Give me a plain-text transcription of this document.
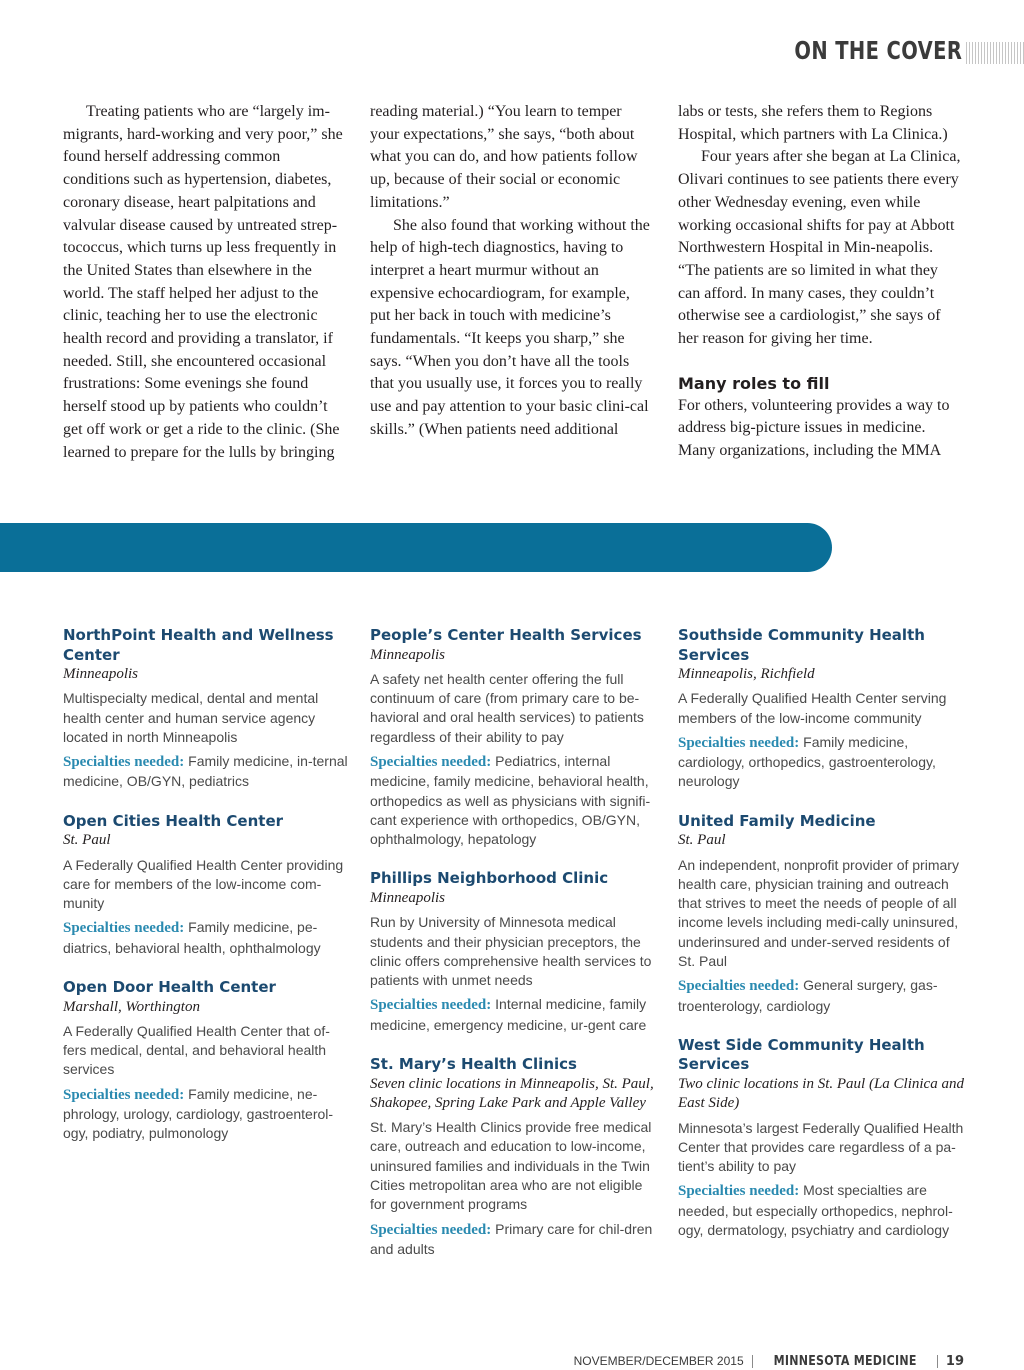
ON THE COVER

Treating patients who are “largely im-migrants, hard-working and very poor,” she found herself addressing common conditions such as hypertension, diabetes, coronary disease, heart palpitations and valvular disease caused by untreated strep-tococcus, which turns up less frequently in the United States than elsewhere in the world. The staff helped her adjust to the clinic, teaching her to use the electronic health record and providing a translator, if needed. Still, she encountered occasional frustrations: Some evenings she found herself stood up by patients who couldn’t get off work or get a ride to the clinic. (She learned to prepare for the lulls by bringing

reading material.) “You learn to temper your expectations,” she says, “both about what you can do, and how patients follow up, because of their social or economic limitations.”

She also found that working without the help of high-tech diagnostics, having to interpret a heart murmur without an expensive echocardiogram, for example, put her back in touch with medicine’s fundamentals. “It keeps you sharp,” she says. “When you don’t have all the tools that you usually use, it forces you to really use and pay attention to your basic clini-cal skills.” (When patients need additional

labs or tests, she refers them to Regions Hospital, which partners with La Clinica.)

Four years after she began at La Clinica, Olivari continues to see patients there every other Wednesday evening, even while working occasional shifts for pay at Abbott Northwestern Hospital in Min-neapolis. “The patients are so limited in what they can afford. In many cases, they couldn’t otherwise see a cardiologist,” she says of her reason for giving her time.

Many roles to fill

For others, volunteering provides a way to address big-picture issues in medicine. Many organizations, including the MMA

NorthPoint Health and Wellness Center
Minneapolis
Multispecialty medical, dental and mental health center and human service agency located in north Minneapolis
Specialties needed: Family medicine, in-ternal medicine, OB/GYN, pediatrics
Open Cities Health Center
St. Paul
A Federally Qualified Health Center providing care for members of the low-income com-munity
Specialties needed: Family medicine, pe-diatrics, behavioral health, ophthalmology
Open Door Health Center
Marshall, Worthington
A Federally Qualified Health Center that of-fers medical, dental, and behavioral health services
Specialties needed: Family medicine, ne-phrology, urology, cardiology, gastroenterol-ogy, podiatry, pulmonology
People’s Center Health Services
Minneapolis
A safety net health center offering the full continuum of care (from primary care to be-havioral and oral health services) to patients regardless of their ability to pay
Specialties needed: Pediatrics, internal medicine, family medicine, behavioral health, orthopedics as well as physicians with signifi-cant experience with orthopedics, OB/GYN, ophthalmology, hepatology
Phillips Neighborhood Clinic
Minneapolis
Run by University of Minnesota medical students and their physician preceptors, the clinic offers comprehensive health services to patients with unmet needs
Specialties needed: Internal medicine, family medicine, emergency medicine, ur-gent care
St. Mary’s Health Clinics
Seven clinic locations in Minneapolis, St. Paul, Shakopee, Spring Lake Park and Apple Valley
St. Mary’s Health Clinics provide free medical care, outreach and education to low-income, uninsured families and individuals in the Twin Cities metropolitan area who are not eligible for government programs
Specialties needed: Primary care for chil-dren and adults
Southside Community Health Services
Minneapolis, Richfield
A Federally Qualified Health Center serving members of the low-income community
Specialties needed: Family medicine, cardiology, orthopedics, gastroenterology, neurology
United Family Medicine
St. Paul
An independent, nonprofit provider of primary health care, physician training and outreach that strives to meet the needs of people of all income levels including medi-cally uninsured, underinsured and under-served residents of St. Paul
Specialties needed: General surgery, gas-troenterology, cardiology
West Side Community Health Services
Two clinic locations in St. Paul (La Clinica and East Side)
Minnesota’s largest Federally Qualified Health Center that provides care regardless of a pa-tient’s ability to pay
Specialties needed: Most specialties are needed, but especially orthopedics, nephrol-ogy, dermatology, psychiatry and cardiology
NOVEMBER/DECEMBER 2015 MINNESOTA MEDICINE 19
